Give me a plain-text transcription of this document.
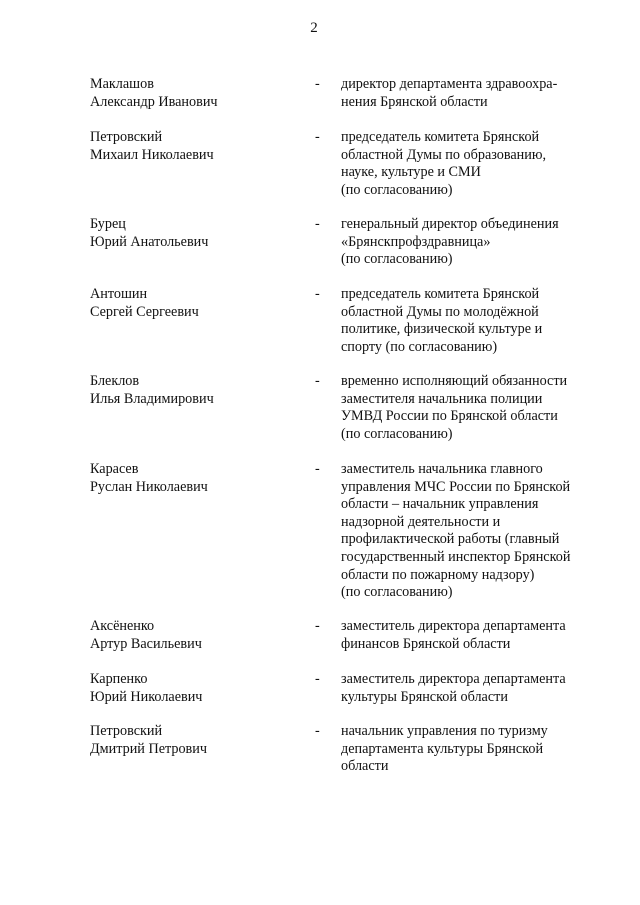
2
Маклашов
Александр Иванович
-	директор департамента здравоохра-
нения Брянской области
Петровский
Михаил Николаевич
-	председатель комитета Брянской
областной Думы по образованию,
науке, культуре и СМИ
(по согласованию)
Бурец
Юрий Анатольевич
-	генеральный директор объединения
«Брянскпрофздравница»
(по согласованию)
Антошин
Сергей Сергеевич
-	председатель комитета Брянской
областной Думы по молодёжной
политике, физической культуре и
спорту (по согласованию)
Блеклов
Илья Владимирович
-	временно исполняющий обязанности
заместителя начальника полиции
УМВД России по Брянской области
(по согласованию)
Карасев
Руслан Николаевич
-	заместитель начальника главного
управления МЧС России по Брянской
области – начальник управления
надзорной деятельности и
профилактической работы (главный
государственный инспектор Брянской
области по пожарному надзору)
(по согласованию)
Аксёненко
Артур Васильевич
-	заместитель директора департамента
финансов Брянской области
Карпенко
Юрий Николаевич
-	заместитель директора департамента
культуры Брянской области
Петровский
Дмитрий Петрович
-	начальник управления по туризму
департамента культуры Брянской
области
